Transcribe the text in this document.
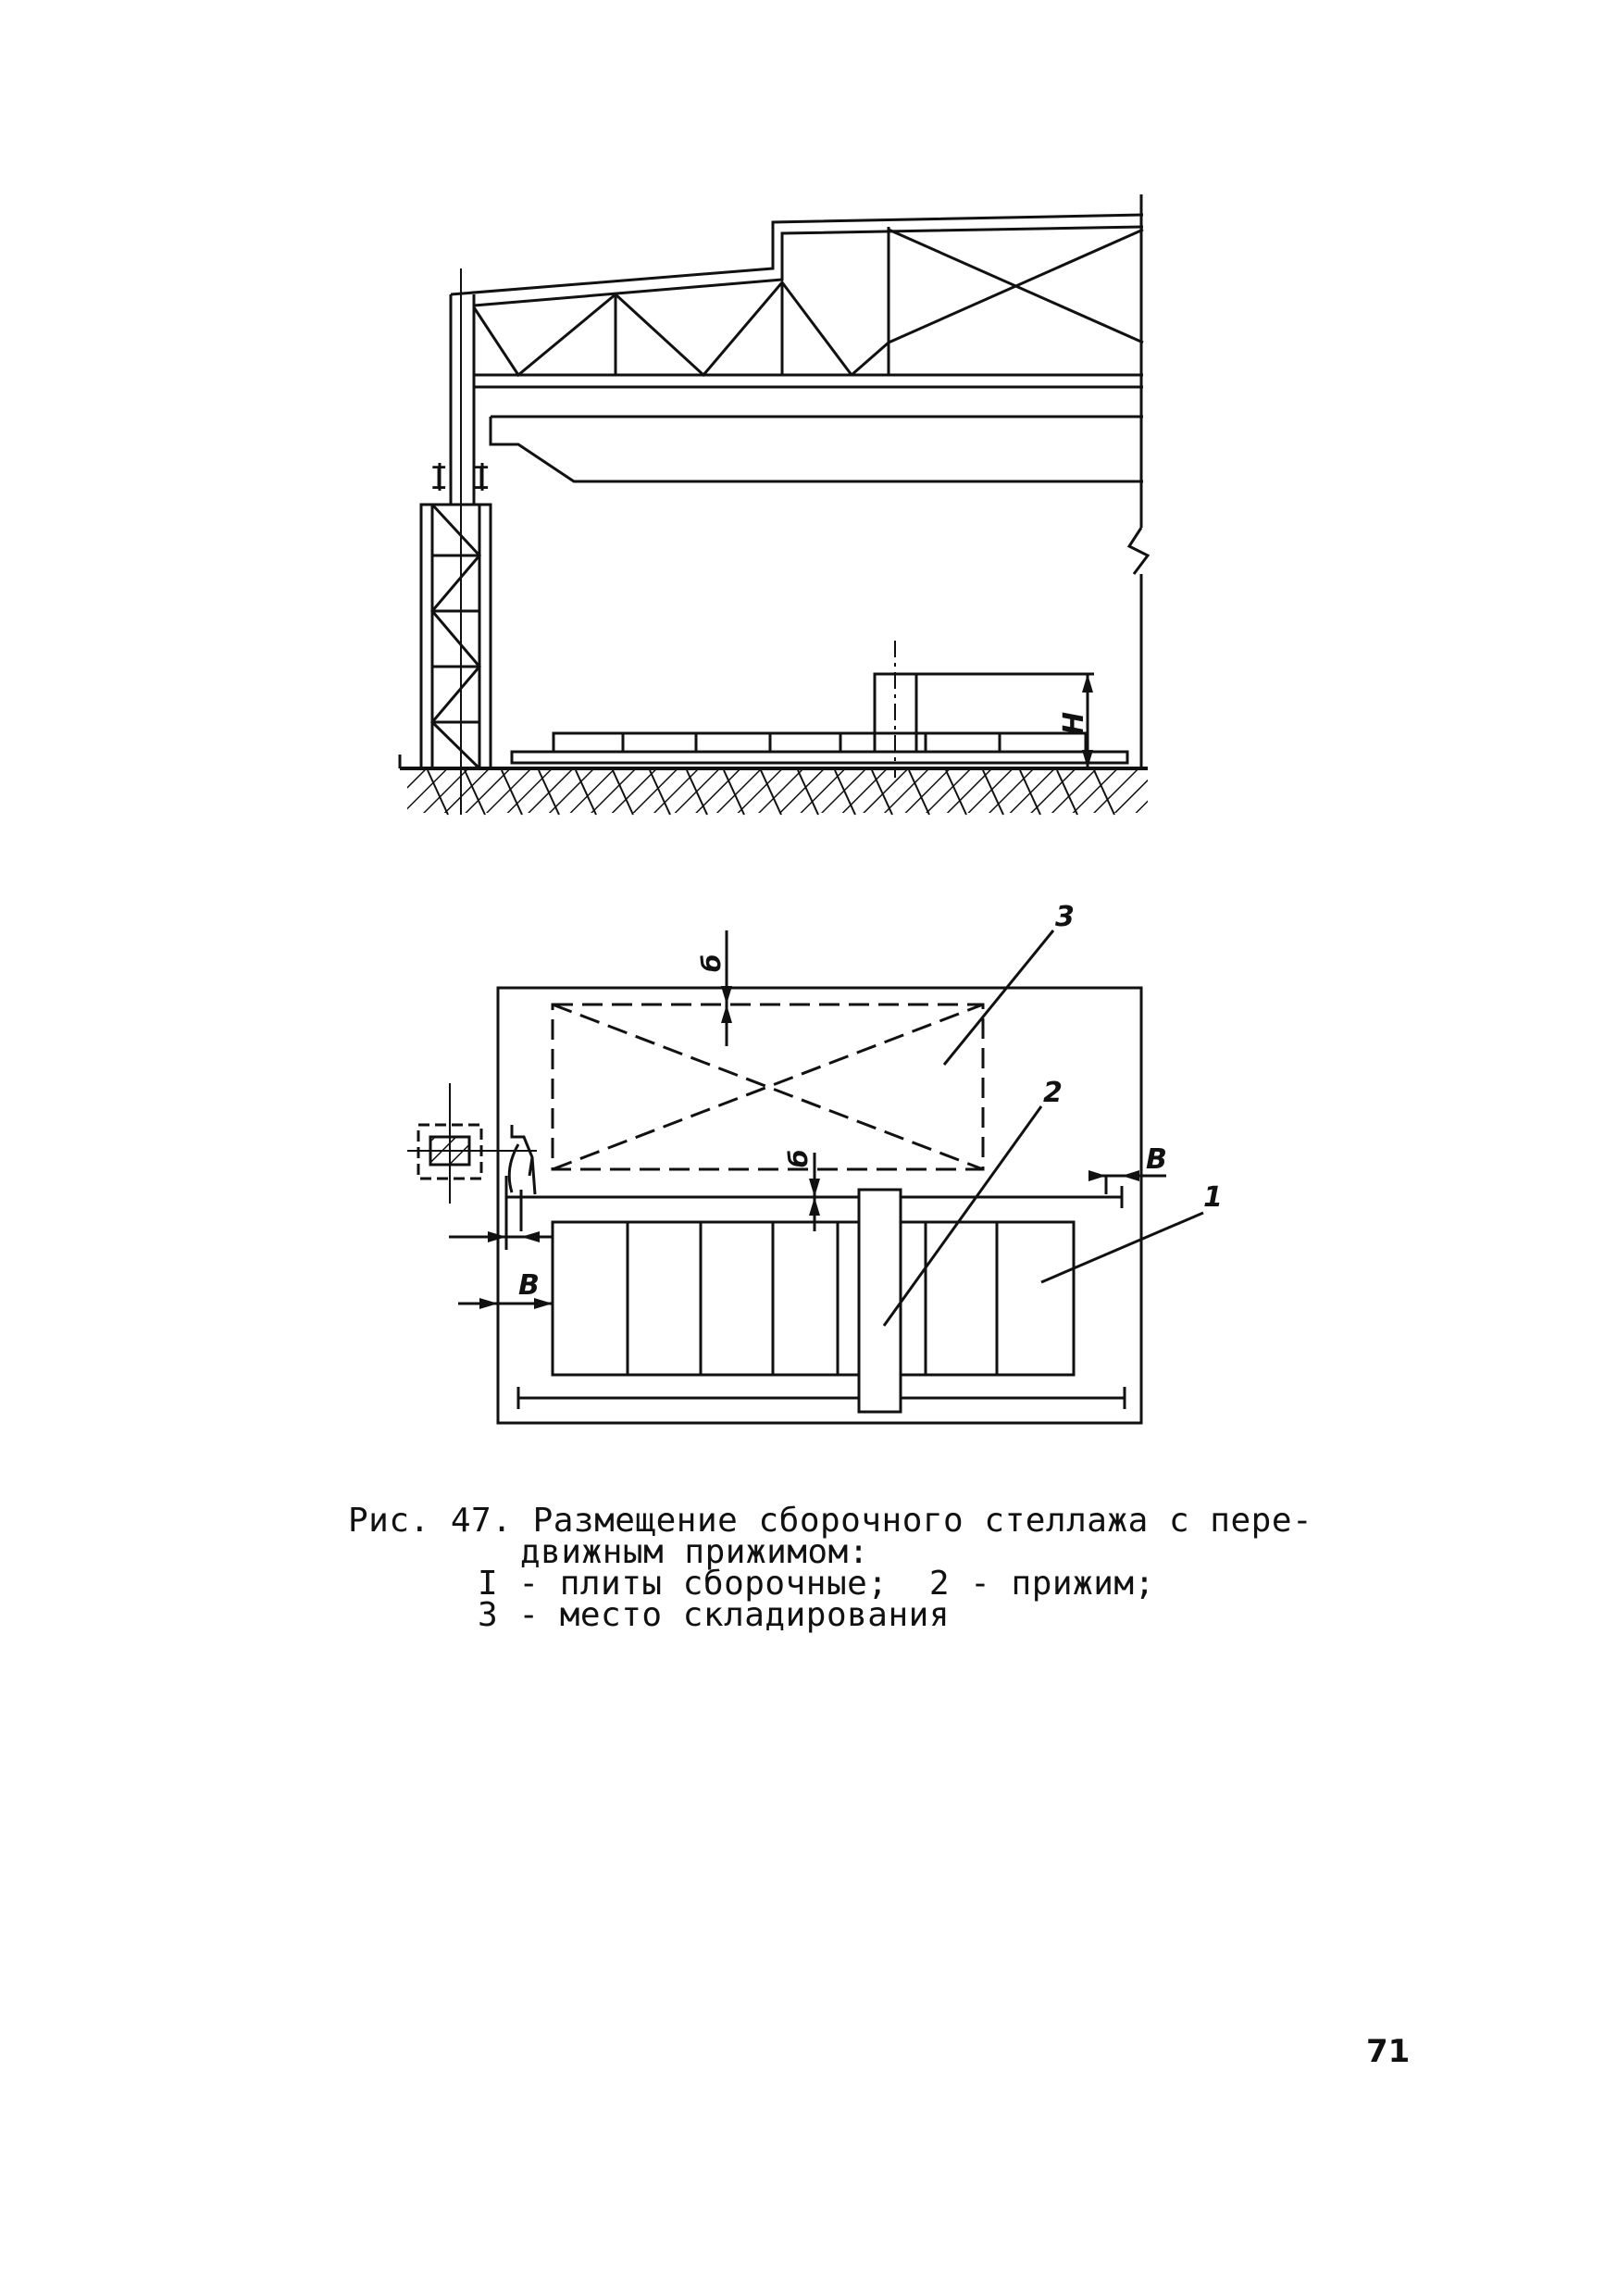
H
I I
3
2
1
б
б	В
В
Рис. 47. Размещение сборочного стеллажа с пере-
движным прижимом:
I - плиты сборочные;  2 - прижим;
3 - место складирования
71
